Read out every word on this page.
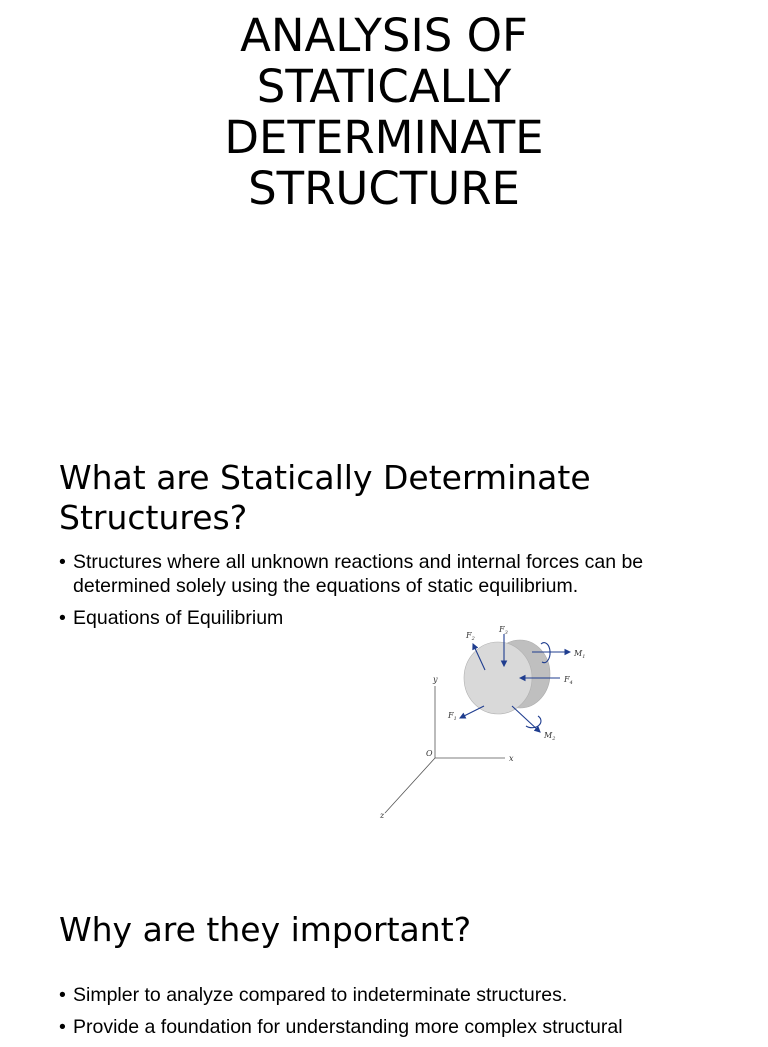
ANALYSIS OF
STATICALLY
DETERMINATE
STRUCTURE
What are Statically Determinate Structures?
• Structures where all unknown reactions and internal forces can be determined solely using the equations of static equilibrium.
• Equations of Equilibrium
$F_2$
$F_3$
$F_4$
$M_1$
$F_1$
$M_2$
y
x
z
O
Why are they important?
• Simpler to analyze compared to indeterminate structures.
• Provide a foundation for understanding more complex structural
